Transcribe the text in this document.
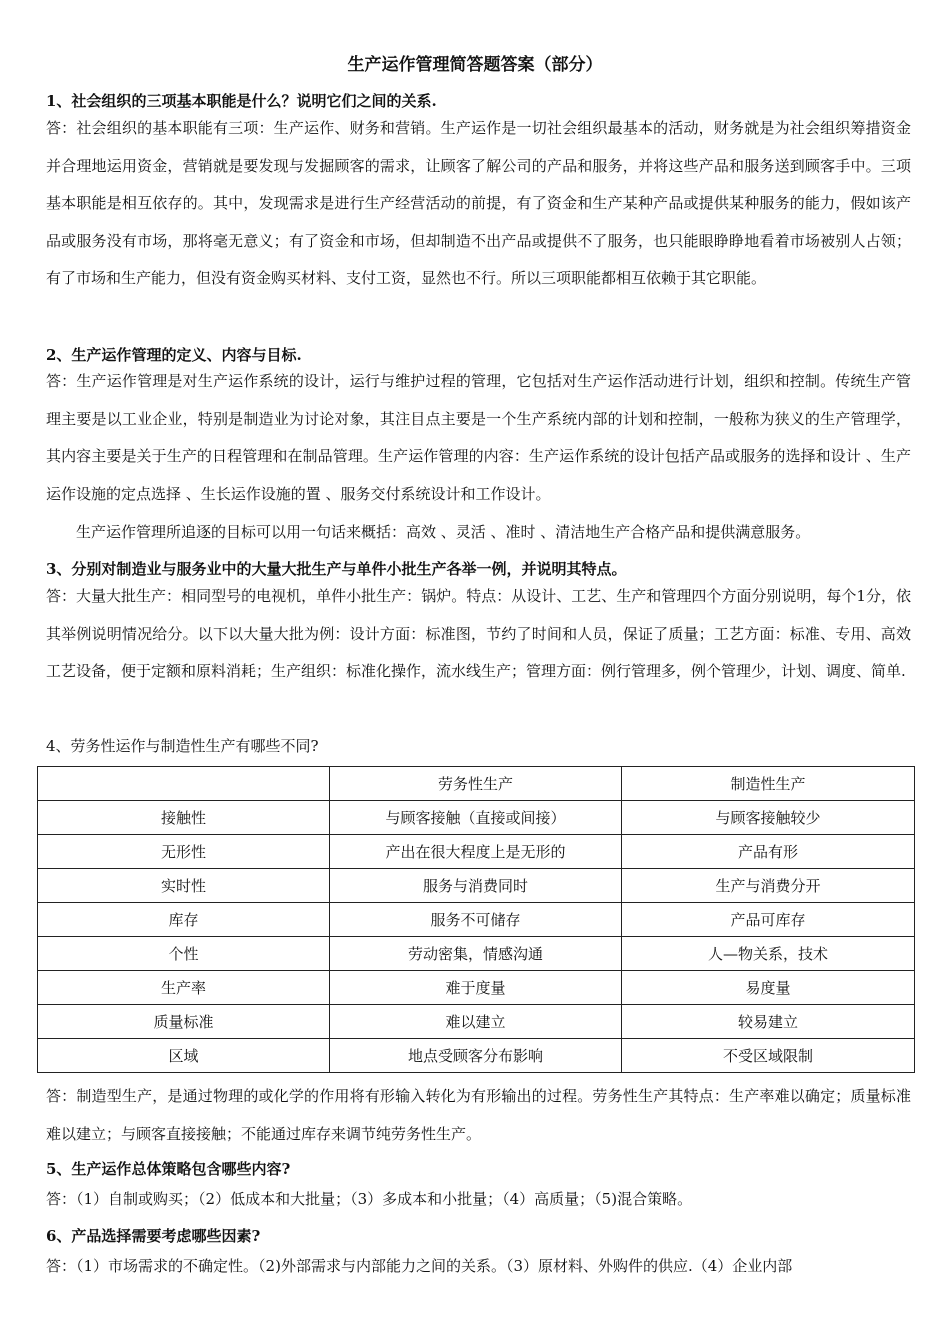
生产运作管理简答题答案（部分）
1、社会组织的三项基本职能是什么？说明它们之间的关系.
答：社会组织的基本职能有三项：生产运作、财务和营销。生产运作是一切社会组织最基本的活动，财务就是为社会组织筹措资金并合理地运用资金，营销就是要发现与发掘顾客的需求，让顾客了解公司的产品和服务，并将这些产品和服务送到顾客手中。三项基本职能是相互依存的。其中，发现需求是进行生产经营活动的前提，有了资金和生产某种产品或提供某种服务的能力，假如该产品或服务没有市场，那将毫无意义；有了资金和市场，但却制造不出产品或提供不了服务，也只能眼睁睁地看着市场被别人占领；有了市场和生产能力，但没有资金购买材料、支付工资，显然也不行。所以三项职能都相互依赖于其它职能。
2、生产运作管理的定义、内容与目标.
答：生产运作管理是对生产运作系统的设计，运行与维护过程的管理，它包括对生产运作活动进行计划，组织和控制。传统生产管理主要是以工业企业，特别是制造业为讨论对象，其注目点主要是一个生产系统内部的计划和控制，一般称为狭义的生产管理学，其内容主要是关于生产的日程管理和在制品管理。生产运作管理的内容：生产运作系统的设计包括产品或服务的选择和设计 、生产运作设施的定点选择 、生长运作设施的置 、服务交付系统设计和工作设计。
生产运作管理所追逐的目标可以用一句话来概括：高效 、灵活 、准时 、清洁地生产合格产品和提供满意服务。
3、分别对制造业与服务业中的大量大批生产与单件小批生产各举一例，并说明其特点。
答：大量大批生产：相同型号的电视机，单件小批生产：锅炉。特点：从设计、工艺、生产和管理四个方面分别说明，每个1分，依其举例说明情况给分。以下以大量大批为例：设计方面：标准图，节约了时间和人员，保证了质量；工艺方面：标准、专用、高效工艺设备，便于定额和原料消耗；生产组织：标准化操作，流水线生产；管理方面：例行管理多，例个管理少，计划、调度、简单.
4、劳务性运作与制造性生产有哪些不同?
	劳务性生产	制造性生产
接触性	与顾客接触（直接或间接）	与顾客接触较少
无形性	产出在很大程度上是无形的	产品有形
实时性	服务与消费同时	生产与消费分开
库存	服务不可储存	产品可库存
个性	劳动密集，情感沟通	人—物关系，技术
生产率	难于度量	易度量
质量标准	难以建立	较易建立
区域	地点受顾客分布影响	不受区域限制
答：制造型生产，是通过物理的或化学的作用将有形输入转化为有形输出的过程。劳务性生产其特点：生产率难以确定；质量标准难以建立；与顾客直接接触；不能通过库存来调节纯劳务性生产。
5、生产运作总体策略包含哪些内容?
答：（1）自制或购买；（2）低成本和大批量；（3）多成本和小批量；（4）高质量；（5)混合策略。
6、产品选择需要考虑哪些因素?
答：（1）市场需求的不确定性。（2)外部需求与内部能力之间的关系。（3）原材料、外购件的供应.（4）企业内部
